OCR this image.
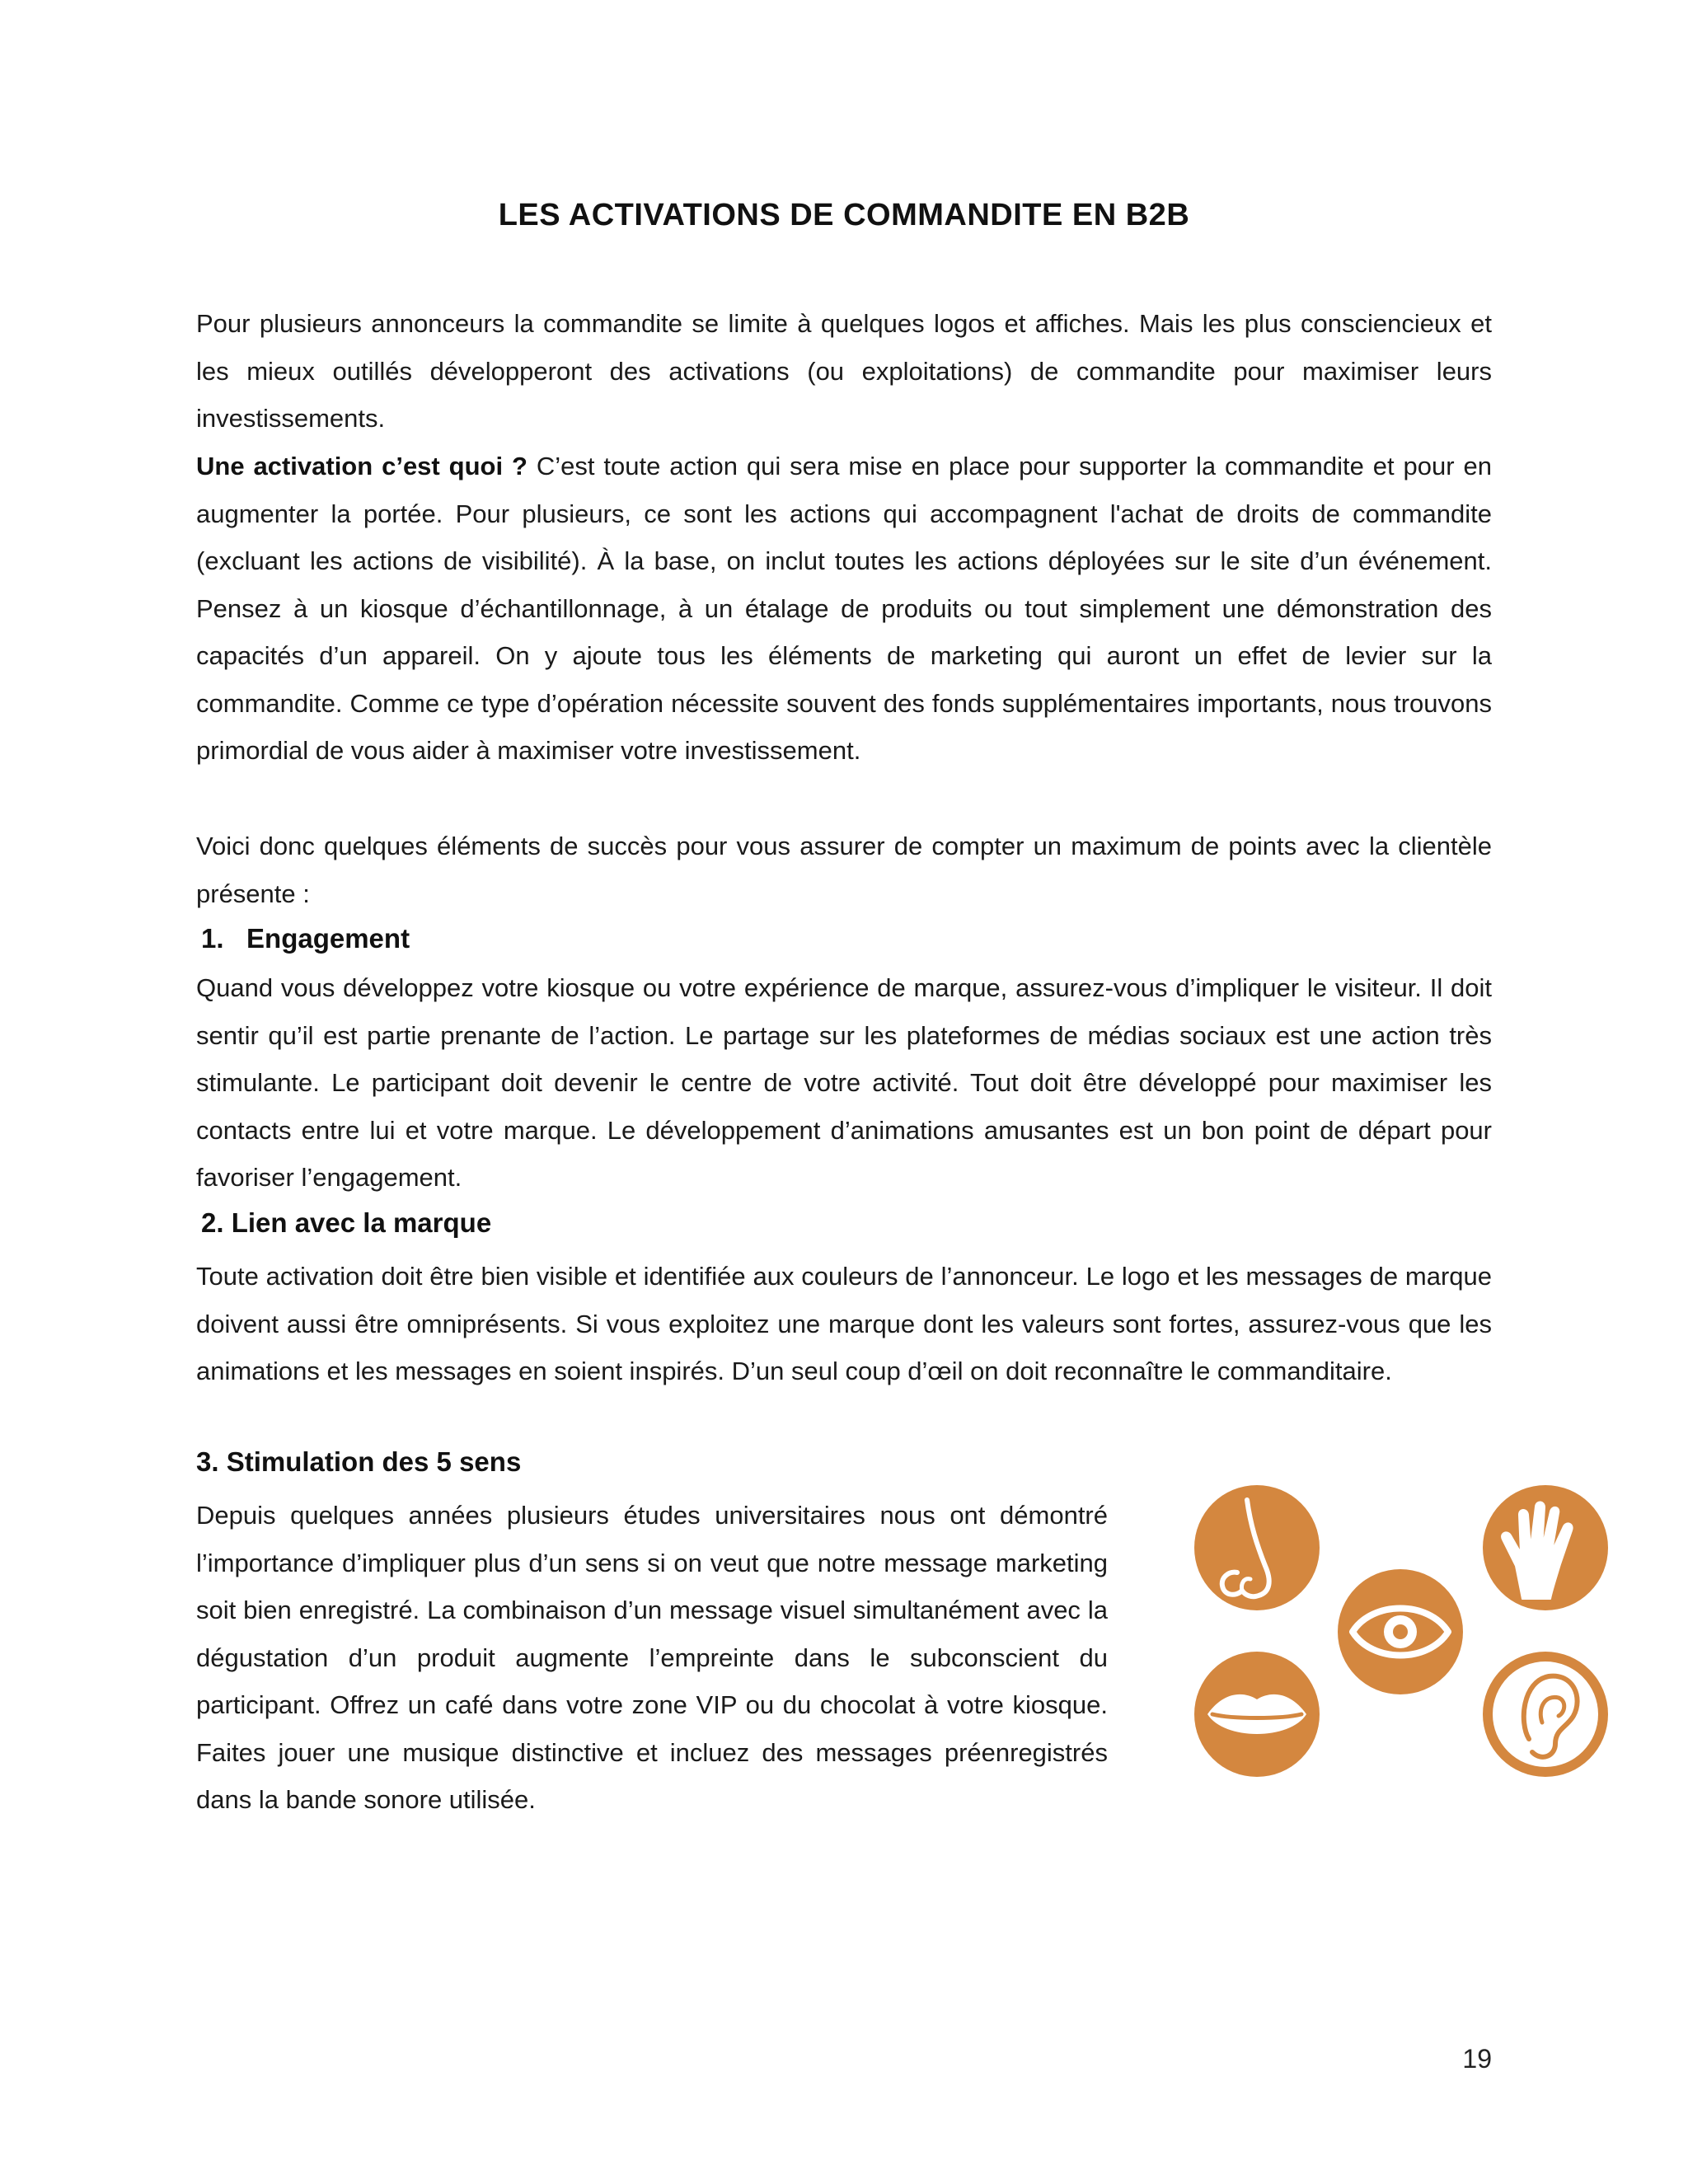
LES ACTIVATIONS DE COMMANDITE EN B2B

Pour plusieurs annonceurs la commandite se limite à quelques logos et affiches. Mais les plus consciencieux et les mieux outillés développeront des activations (ou exploitations) de commandite pour maximiser leurs investissements.

Une activation c’est quoi ? C’est toute action qui sera mise en place pour supporter la commandite et pour en augmenter la portée. Pour plusieurs, ce sont les actions qui accompagnent l'achat de droits de commandite (excluant les actions de visibilité). À la base, on inclut toutes les actions déployées sur le site d’un événement. Pensez à un kiosque d’échantillonnage, à un étalage de produits ou tout simplement une démonstration des capacités d’un appareil. On y ajoute tous les éléments de marketing qui auront un effet de levier sur la commandite. Comme ce type d’opération nécessite souvent des fonds supplémentaires importants, nous trouvons primordial de vous aider à maximiser votre investissement.

Voici donc quelques éléments de succès pour vous assurer de compter un maximum de points avec la clientèle présente :

1.   Engagement

Quand vous développez votre kiosque ou votre expérience de marque, assurez-vous d’impliquer le visiteur. Il doit sentir qu’il est partie prenante de l’action. Le partage sur les plateformes de médias sociaux est une action très stimulante. Le participant doit devenir le centre de votre activité. Tout doit être développé pour maximiser les contacts entre lui et votre marque. Le développement d’animations amusantes est un bon point de départ pour favoriser l’engagement.

2. Lien avec la marque

Toute activation doit être bien visible et identifiée aux couleurs de l’annonceur. Le logo et les messages de marque doivent aussi être omniprésents. Si vous exploitez une marque dont les valeurs sont fortes, assurez-vous que les animations et les messages en soient inspirés. D’un seul coup d’œil on doit reconnaître le commanditaire.

3. Stimulation des 5 sens

Depuis quelques années plusieurs études universitaires nous ont démontré l’importance d’impliquer plus d’un sens si on veut que notre message marketing soit bien enregistré. La combinaison d’un message visuel simultanément avec la dégustation d’un produit augmente l’empreinte dans le subconscient du participant. Offrez un café dans votre zone VIP ou du chocolat à votre kiosque. Faites jouer une musique distinctive et incluez des messages préenregistrés dans la bande sonore utilisée.

19
